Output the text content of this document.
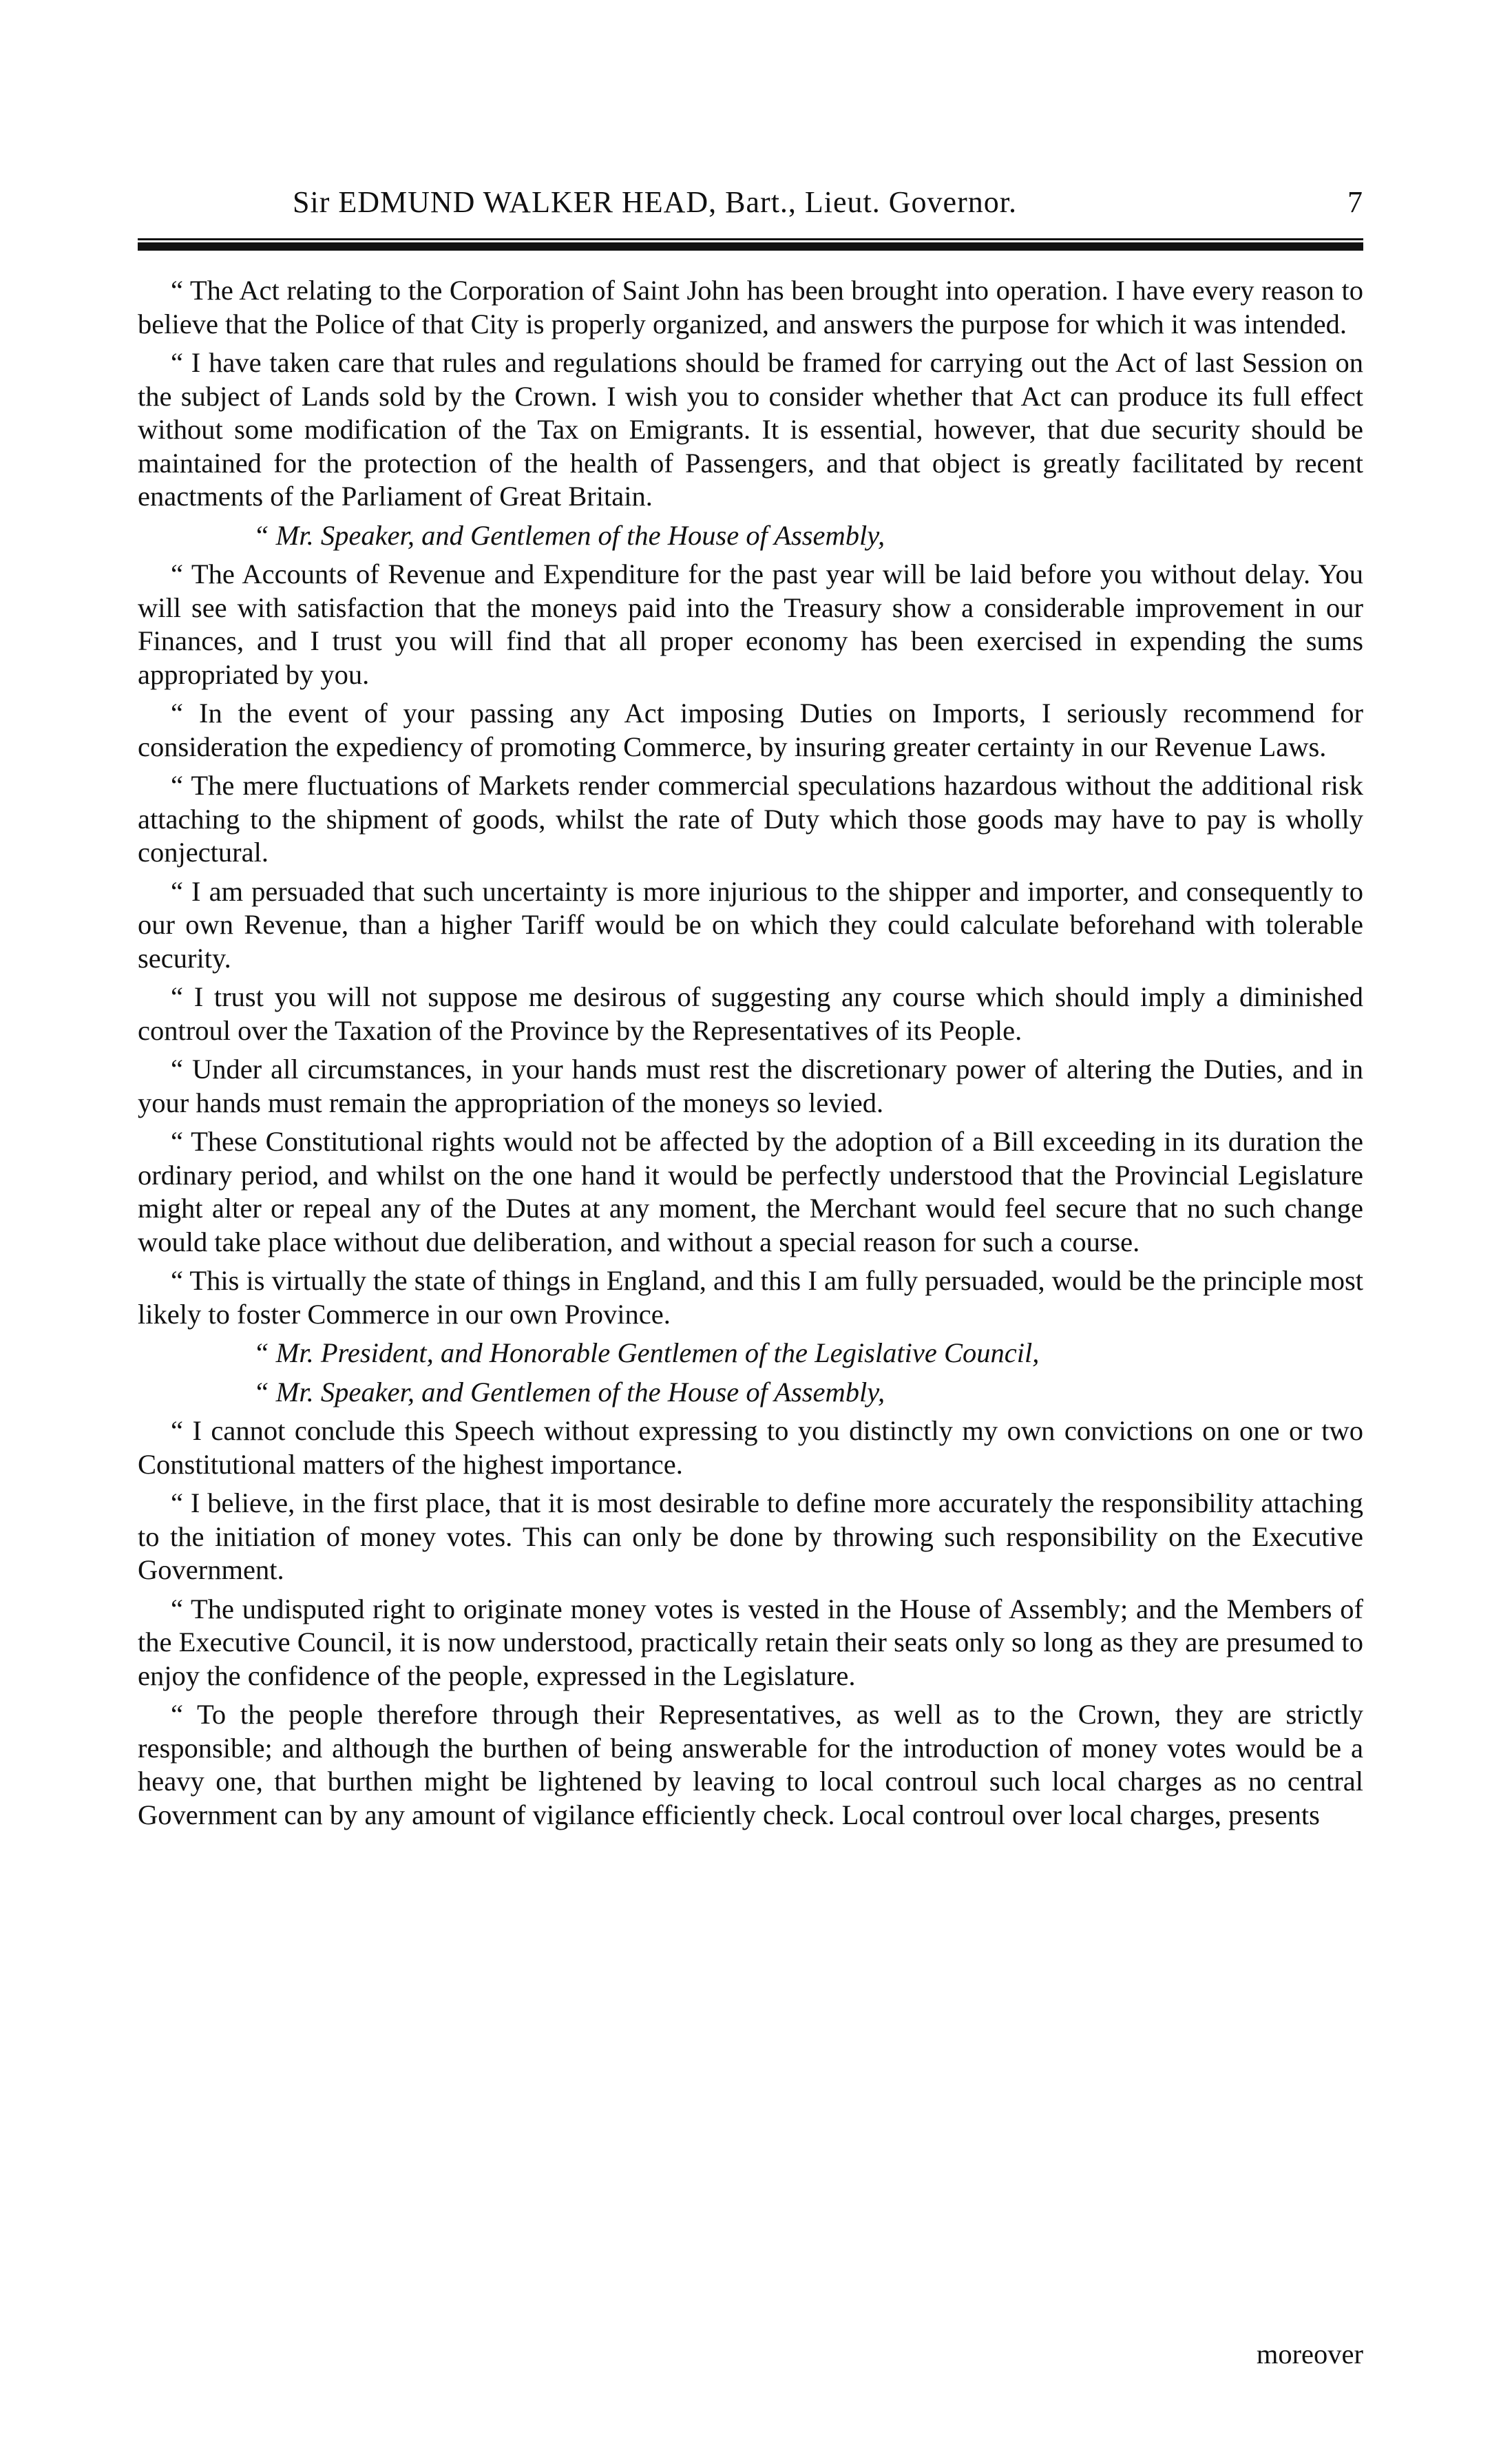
Sir EDMUND WALKER HEAD, Bart., Lieut. Governor.	7

“ The Act relating to the Corporation of Saint John has been brought into operation. I have every reason to believe that the Police of that City is properly organized, and answers the purpose for which it was intended.

“ I have taken care that rules and regulations should be framed for carrying out the Act of last Session on the subject of Lands sold by the Crown. I wish you to consider whether that Act can produce its full effect without some modification of the Tax on Emigrants. It is essential, however, that due security should be maintained for the protection of the health of Passengers, and that object is greatly facilitated by recent enactments of the Parliament of Great Britain.

“ Mr. Speaker, and Gentlemen of the House of Assembly,

“ The Accounts of Revenue and Expenditure for the past year will be laid before you without delay. You will see with satisfaction that the moneys paid into the Treasury show a considerable improvement in our Finances, and I trust you will find that all proper economy has been exercised in expending the sums appropriated by you.

“ In the event of your passing any Act imposing Duties on Imports, I seriously recommend for consideration the expediency of promoting Commerce, by insuring greater certainty in our Revenue Laws.

“ The mere fluctuations of Markets render commercial speculations hazardous without the additional risk attaching to the shipment of goods, whilst the rate of Duty which those goods may have to pay is wholly conjectural.

“ I am persuaded that such uncertainty is more injurious to the shipper and importer, and consequently to our own Revenue, than a higher Tariff would be on which they could calculate beforehand with tolerable security.

“ I trust you will not suppose me desirous of suggesting any course which should imply a diminished controul over the Taxation of the Province by the Representatives of its People.

“ Under all circumstances, in your hands must rest the discretionary power of altering the Duties, and in your hands must remain the appropriation of the moneys so levied.

“ These Constitutional rights would not be affected by the adoption of a Bill exceeding in its duration the ordinary period, and whilst on the one hand it would be perfectly understood that the Provincial Legislature might alter or repeal any of the Dutes at any moment, the Merchant would feel secure that no such change would take place without due deliberation, and without a special reason for such a course.

“ This is virtually the state of things in England, and this I am fully persuaded, would be the principle most likely to foster Commerce in our own Province.

“ Mr. President, and Honorable Gentlemen of the Legislative Council,

“ Mr. Speaker, and Gentlemen of the House of Assembly,

“ I cannot conclude this Speech without expressing to you distinctly my own convictions on one or two Constitutional matters of the highest importance.

“ I believe, in the first place, that it is most desirable to define more accurately the responsibility attaching to the initiation of money votes. This can only be done by throwing such responsibility on the Executive Government.

“ The undisputed right to originate money votes is vested in the House of Assembly; and the Members of the Executive Council, it is now understood, practically retain their seats only so long as they are presumed to enjoy the confidence of the people, expressed in the Legislature.

“ To the people therefore through their Representatives, as well as to the Crown, they are strictly responsible; and although the burthen of being answerable for the introduction of money votes would be a heavy one, that burthen might be lightened by leaving to local controul such local charges as no central Government can by any amount of vigilance efficiently check. Local controul over local charges, presents

moreover
